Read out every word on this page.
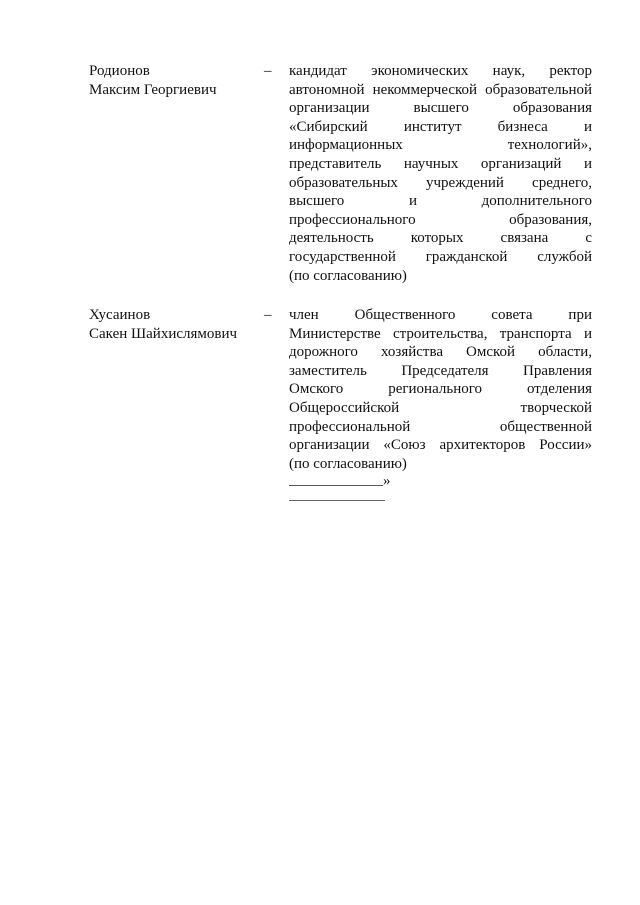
Родионов
Максим Георгиевич
–	кандидат экономических наук, ректор
автономной некоммерческой образовательной
организации высшего образования
«Сибирский институт бизнеса и
информационных технологий»,
представитель научных организаций и
образовательных учреждений среднего,
высшего и дополнительного
профессионального образования,
деятельность которых связана с
государственной гражданской службой
(по согласованию)
Хусаинов
Сакен Шайхислямович
–	член Общественного совета при
Министерстве строительства, транспорта и
дорожного хозяйства Омской области,
заместитель Председателя Правления
Омского регионального отделения
Общероссийской творческой
профессиональной общественной
организации «Союз архитекторов России»
(по согласованию)
»
